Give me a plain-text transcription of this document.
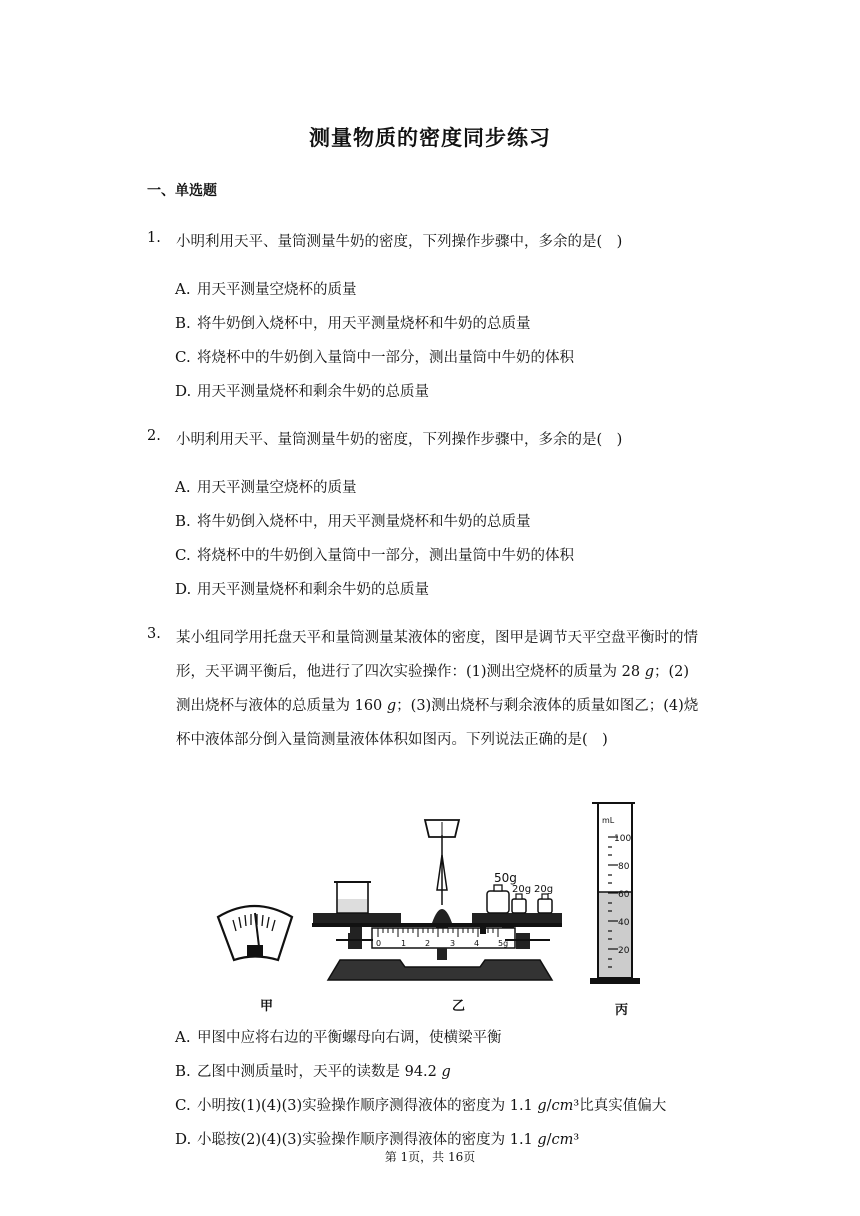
测量物质的密度同步练习
一、单选题
1. 小明利用天平、量筒测量牛奶的密度，下列操作步骤中，多余的是(　)
A. 用天平测量空烧杯的质量
B. 将牛奶倒入烧杯中，用天平测量烧杯和牛奶的总质量
C. 将烧杯中的牛奶倒入量筒中一部分，测出量筒中牛奶的体积
D. 用天平测量烧杯和剩余牛奶的总质量
2. 小明利用天平、量筒测量牛奶的密度，下列操作步骤中，多余的是(　)
A. 用天平测量空烧杯的质量
B. 将牛奶倒入烧杯中，用天平测量烧杯和牛奶的总质量
C. 将烧杯中的牛奶倒入量筒中一部分，测出量筒中牛奶的体积
D. 用天平测量烧杯和剩余牛奶的总质量
3. 某小组同学用托盘天平和量筒测量某液体的密度，图甲是调节天平空盘平衡时的情
形，天平调平衡后，他进行了四次实验操作：(1)测出空烧杯的质量为 28 𝑔；(2)
测出烧杯与液体的总质量为 160 𝑔；(3)测出烧杯与剩余液体的质量如图乙；(4)烧
杯中液体部分倒入量筒测量液体体积如图丙。下列说法正确的是(　)
50g
20g 20g
0 1 2 3 4 5g
mL
100
80
60
40
20
甲	乙	丙
A. 甲图中应将右边的平衡螺母向右调，使横梁平衡
B. 乙图中测质量时，天平的读数是 94.2 𝑔
C. 小明按(1)(4)(3)实验操作顺序测得液体的密度为 1.1 𝑔/𝑐𝑚³比真实值偏大
D. 小聪按(2)(4)(3)实验操作顺序测得液体的密度为 1.1 𝑔/𝑐𝑚³
第 1页，共 16页
